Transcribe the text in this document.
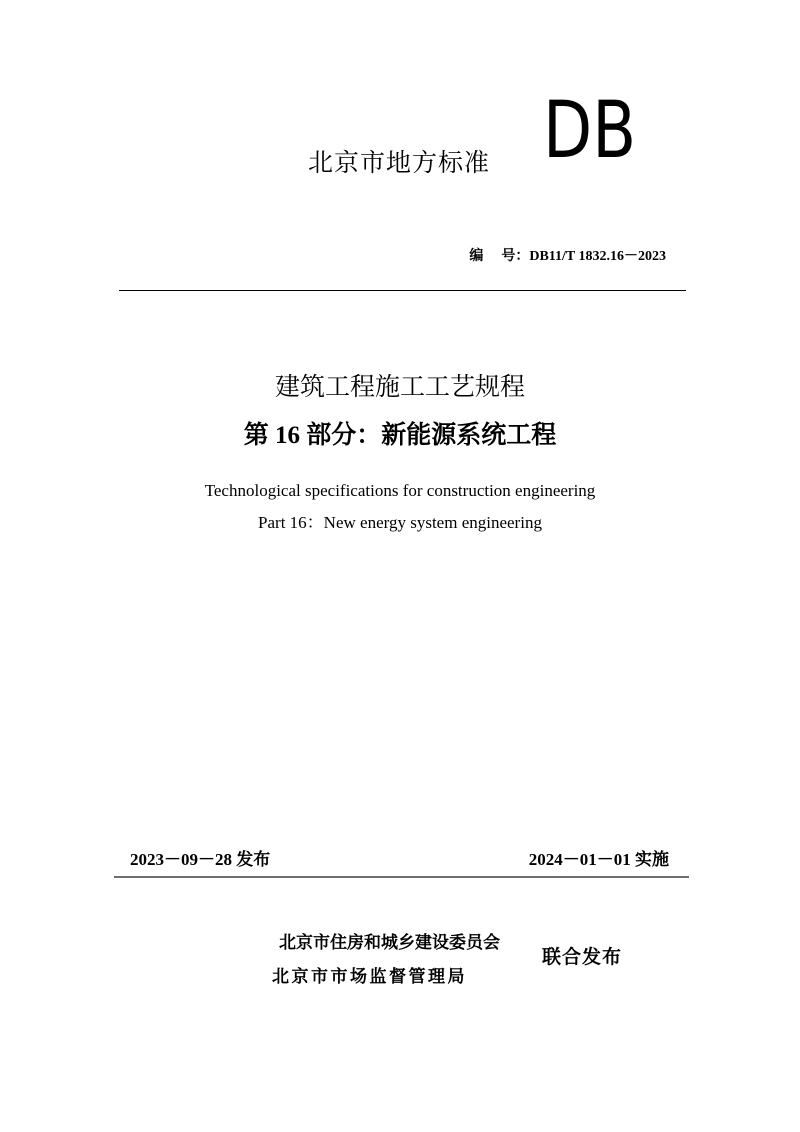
北京市地方标准 DB
编 号：DB11/T 1832.16－2023
建筑工程施工工艺规程
第 16 部分：新能源系统工程
Technological specifications for construction engineering
Part 16：New energy system engineering
2023－09－28 发布	2024－01－01 实施
北京市住房和城乡建设委员会
北京市市场监督管理局
联合发布
